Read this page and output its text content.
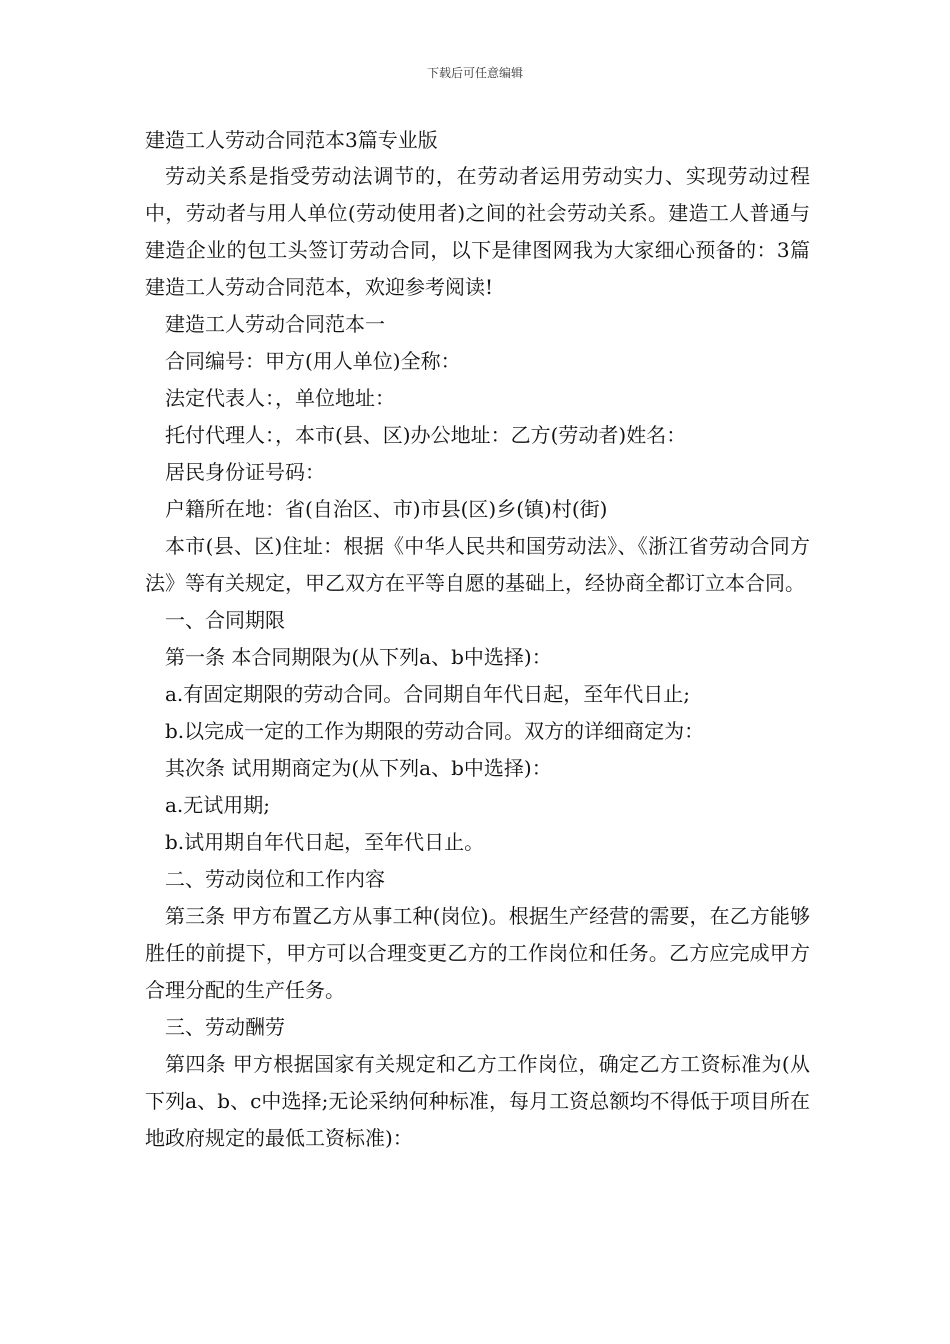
下载后可任意编辑
建造工人劳动合同范本3篇专业版

劳动关系是指受劳动法调节的，在劳动者运用劳动实力、实现劳动过程中，劳动者与用人单位(劳动使用者)之间的社会劳动关系。建造工人普通与建造企业的包工头签订劳动合同，以下是律图网我为大家细心预备的：3篇建造工人劳动合同范本，欢迎参考阅读!

建造工人劳动合同范本一

合同编号：甲方(用人单位)全称：

法定代表人：，单位地址：

托付代理人：，本市(县、区)办公地址：乙方(劳动者)姓名：

居民身份证号码：

户籍所在地：省(自治区、市)市县(区)乡(镇)村(街)

本市(县、区)住址：根据《中华人民共和国劳动法》、《浙江省劳动合同方法》等有关规定，甲乙双方在平等自愿的基础上，经协商全都订立本合同。

一、合同期限

第一条 本合同期限为(从下列a、b中选择)：

a.有固定期限的劳动合同。合同期自年代日起，至年代日止;

b.以完成一定的工作为期限的劳动合同。双方的详细商定为：

其次条 试用期商定为(从下列a、b中选择)：

a.无试用期;

b.试用期自年代日起，至年代日止。

二、劳动岗位和工作内容

第三条 甲方布置乙方从事工种(岗位)。根据生产经营的需要，在乙方能够胜任的前提下，甲方可以合理变更乙方的工作岗位和任务。乙方应完成甲方合理分配的生产任务。

三、劳动酬劳

第四条 甲方根据国家有关规定和乙方工作岗位，确定乙方工资标准为(从下列a、b、c中选择;无论采纳何种标准，每月工资总额均不得低于项目所在地政府规定的最低工资标准)：
